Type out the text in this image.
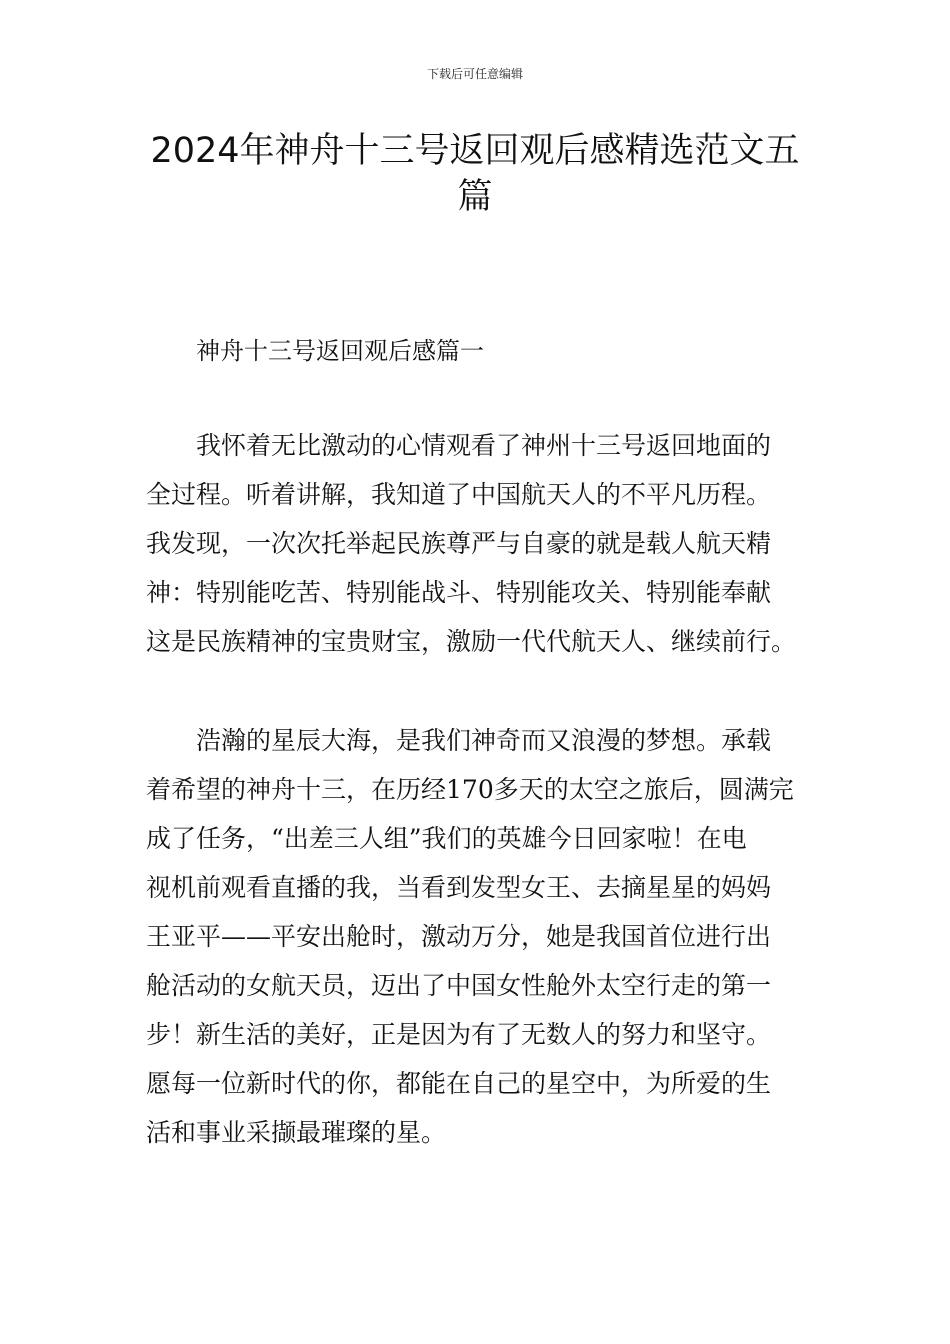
下载后可任意编辑
2024年神舟十三号返回观后感精选范文五篇
神舟十三号返回观后感篇一
我怀着无比激动的心情观看了神州十三号返回地面的
全过程。听着讲解，我知道了中国航天人的不平凡历程。
我发现，一次次托举起民族尊严与自豪的就是载人航天精
神：特别能吃苦、特别能战斗、特别能攻关、特别能奉献
这是民族精神的宝贵财宝，激励一代代航天人、继续前行。
浩瀚的星辰大海，是我们神奇而又浪漫的梦想。承载
着希望的神舟十三，在历经170多天的太空之旅后，圆满完
成了任务，“出差三人组”我们的英雄今日回家啦！在电
视机前观看直播的我，当看到发型女王、去摘星星的妈妈
王亚平——平安出舱时，激动万分，她是我国首位进行出
舱活动的女航天员，迈出了中国女性舱外太空行走的第一
步！新生活的美好，正是因为有了无数人的努力和坚守。
愿每一位新时代的你，都能在自己的星空中，为所爱的生
活和事业采撷最璀璨的星。
